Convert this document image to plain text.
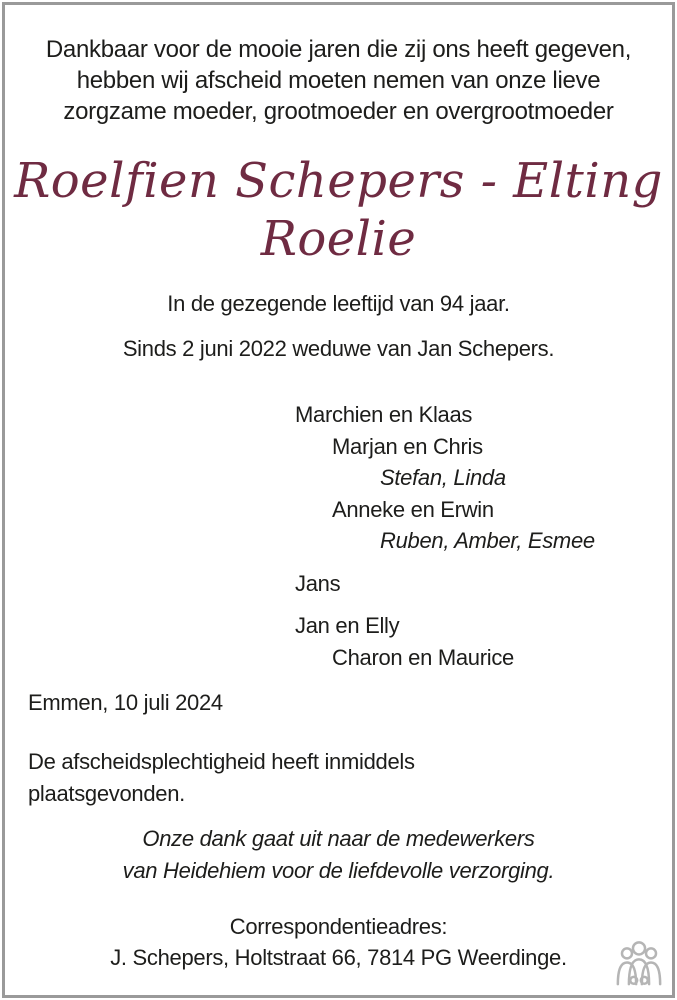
Dankbaar voor de mooie jaren die zij ons heeft gegeven,
hebben wij afscheid moeten nemen van onze lieve
zorgzame moeder, grootmoeder en overgrootmoeder
Roelfien Schepers - Elting
Roelie
In de gezegende leeftijd van 94 jaar.
Sinds 2 juni 2022 weduwe van Jan Schepers.
Marchien en Klaas
Marjan en Chris
Stefan, Linda
Anneke en Erwin
Ruben, Amber, Esmee
Jans
Jan en Elly
Charon en Maurice
Emmen, 10 juli 2024
De afscheidsplechtigheid heeft inmiddels
plaatsgevonden.
Onze dank gaat uit naar de medewerkers
van Heidehiem voor de liefdevolle verzorging.
Correspondentieadres:
J. Schepers, Holtstraat 66, 7814 PG Weerdinge.
